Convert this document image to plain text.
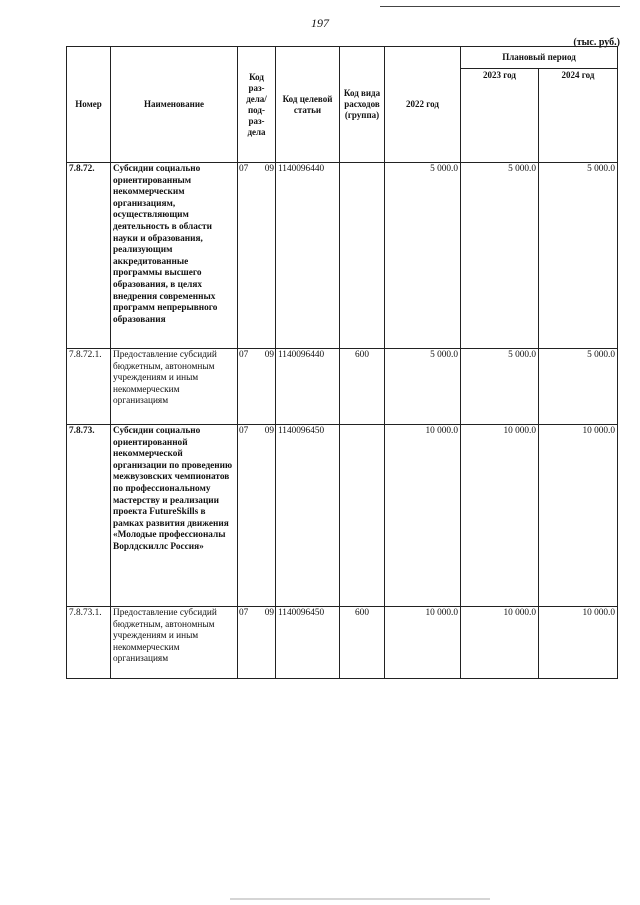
197
(тыс. руб.)
Номер	Наименование	Код раз- дела/ под- раз- дела	Код целевой статьи	Код вида расходов (группа)	2022 год	Плановый период	
						2023 год	2024 год
7.8.72.	Субсидии социально ориентированным некоммерческим организациям, осуществляющим деятельность в области науки и образования, реализующим аккредитованные программы высшего образования, в целях внедрения современных программ непрерывного образования	07 09	1140096440		5 000.0	5 000.0	5 000.0
7.8.72.1.	Предоставление субсидий бюджетным, автономным учреждениям и иным некоммерческим организациям	07 09	1140096440	600	5 000.0	5 000.0	5 000.0
7.8.73.	Субсидии социально ориентированной некоммерческой организации по проведению межвузовских чемпионатов по профессиональному мастерству и реализации проекта FutureSkills в рамках развития движения «Молодые профессионалы Ворлдскиллс Россия»	07 09	1140096450		10 000.0	10 000.0	10 000.0
7.8.73.1.	Предоставление субсидий бюджетным, автономным учреждениям и иным некоммерческим организациям	07 09	1140096450	600	10 000.0	10 000.0	10 000.0
